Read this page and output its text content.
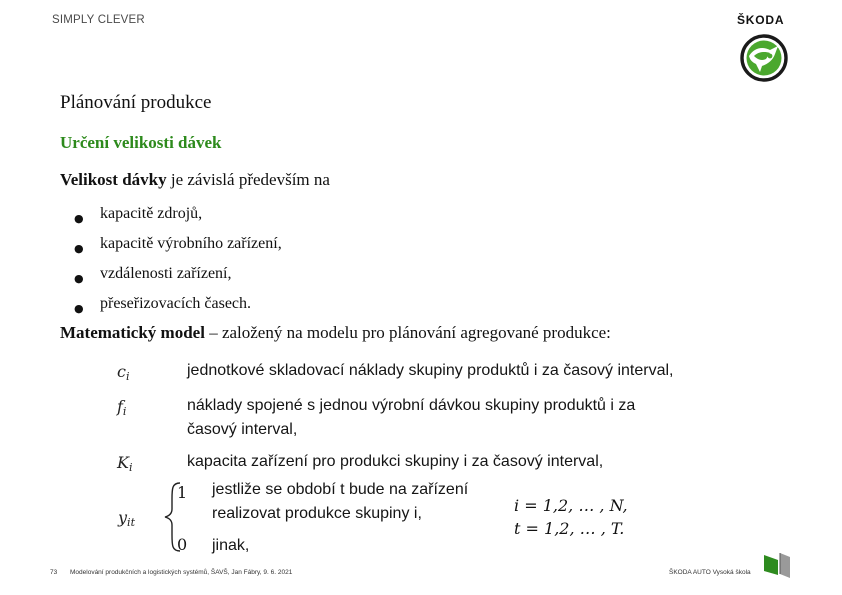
SIMPLY CLEVER	ŠKODA
Plánování produkce
Určení velikosti dávek
Velikost dávky je závislá především na
● kapacitě zdrojů,
● kapacitě výrobního zařízení,
● vzdálenosti zařízení,
● přeseřizovacích časech.
Matematický model – založený na modelu pro plánování agregované produkce:
$c_i$	jednotkové skladovací náklady skupiny produktů i za časový interval,
$f_i$	náklady spojené s jednou výrobní dávkou skupiny produktů i za
časový interval,
$K_i$	kapacita zařízení pro produkci skupiny i za časový interval,
$y_{it}$
1 jestliže se období t bude na zařízení
realizovat produkce skupiny i,
0 jinak,
i = 1,2, … , N,
t = 1,2, … , T.
73 Modelování produkčních a logistických systémů, ŠAVŠ, Jan Fábry, 9. 6. 2021	ŠKODA AUTO Vysoká škola
